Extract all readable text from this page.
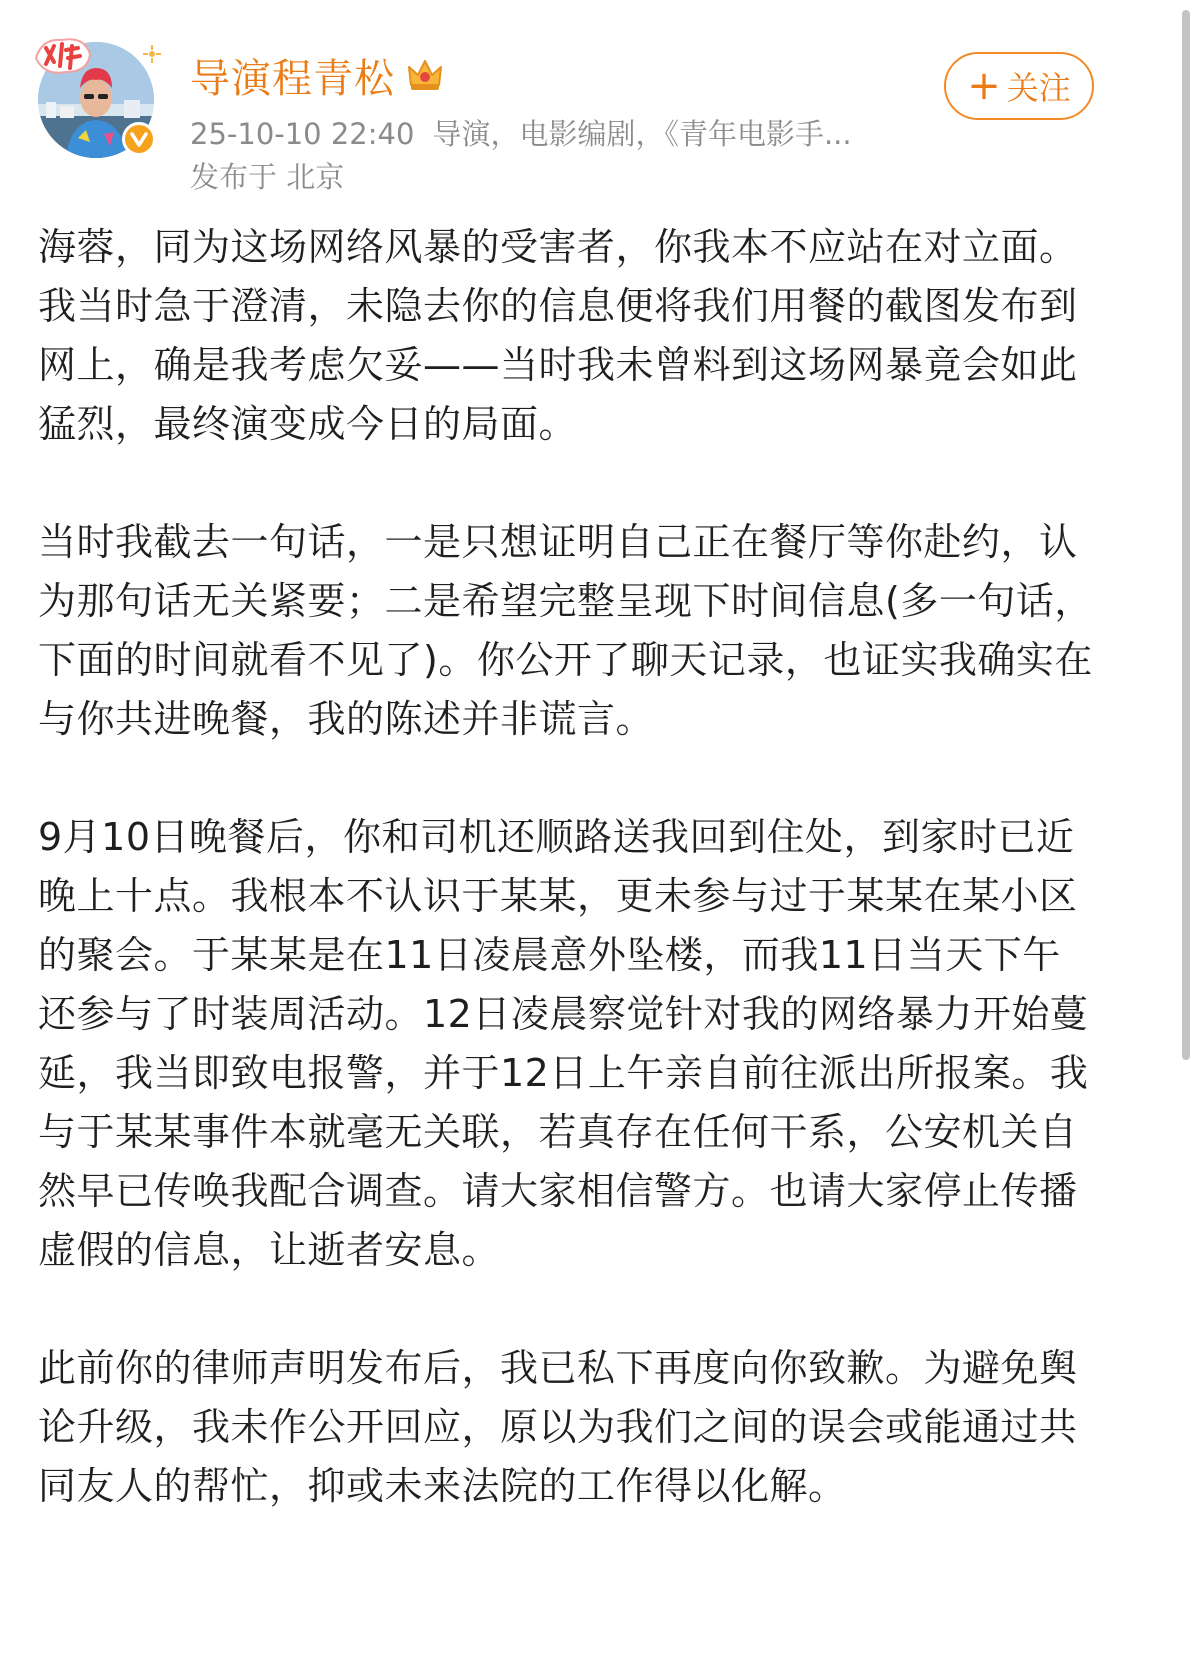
导演程青松
25-10-10 22:40 导演，电影编剧，《青年电影手...
发布于 北京
+ 关注

海蓉，同为这场网络风暴的受害者，你我本不应站在对立面。我当时急于澄清，未隐去你的信息便将我们用餐的截图发布到网上，确是我考虑欠妥——当时我未曾料到这场网暴竟会如此猛烈，最终演变成今日的局面。

当时我截去一句话，一是只想证明自己正在餐厅等你赴约，认为那句话无关紧要；二是希望完整呈现下时间信息(多一句话，下面的时间就看不见了)。你公开了聊天记录，也证实我确实在与你共进晚餐，我的陈述并非谎言。

9月10日晚餐后，你和司机还顺路送我回到住处，到家时已近晚上十点。我根本不认识于某某，更未参与过于某某在某小区的聚会。于某某是在11日凌晨意外坠楼，而我11日当天下午还参与了时装周活动。12日凌晨察觉针对我的网络暴力开始蔓延，我当即致电报警，并于12日上午亲自前往派出所报案。我与于某某事件本就毫无关联，若真存在任何干系，公安机关自然早已传唤我配合调查。请大家相信警方。也请大家停止传播虚假的信息，让逝者安息。

此前你的律师声明发布后，我已私下再度向你致歉。为避免舆论升级，我未作公开回应，原以为我们之间的误会或能通过共同友人的帮忙，抑或未来法院的工作得以化解。
